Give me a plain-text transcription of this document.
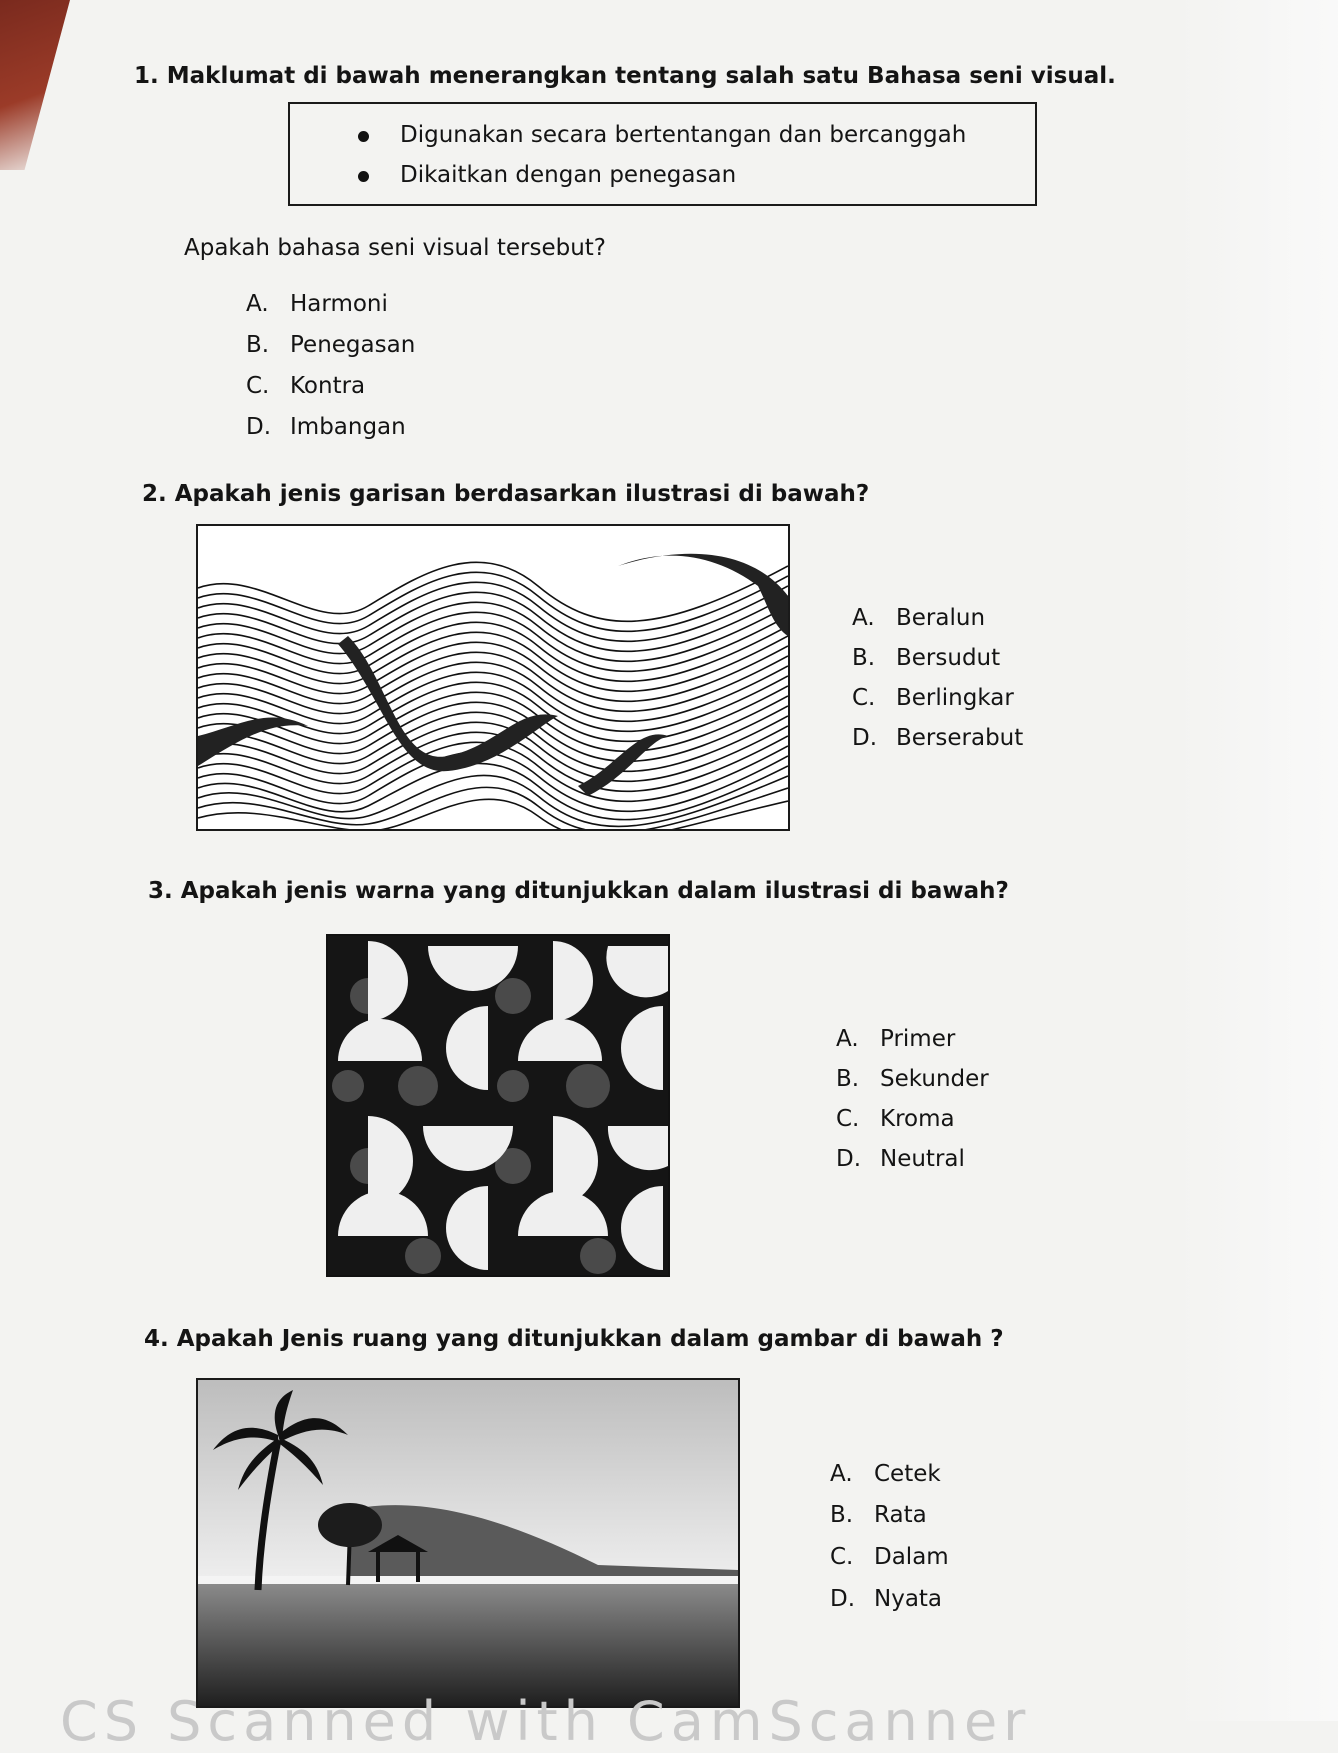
1. Maklumat di bawah menerangkan tentang salah satu Bahasa seni visual.
Digunakan secara bertentangan dan bercanggah
Dikaitkan dengan penegasan
Apakah bahasa seni visual tersebut?
A. Harmoni
B. Penegasan
C. Kontra
D. Imbangan
2. Apakah jenis garisan berdasarkan ilustrasi di bawah?
A. Beralun
B. Bersudut
C. Berlingkar
D. Berserabut
3. Apakah jenis warna yang ditunjukkan dalam ilustrasi di bawah?
A. Primer
B. Sekunder
C. Kroma
D. Neutral
4. Apakah Jenis ruang yang ditunjukkan dalam gambar di bawah ?
A. Cetek
B. Rata
C. Dalam
D. Nyata
CS Scanned with CamScanner
